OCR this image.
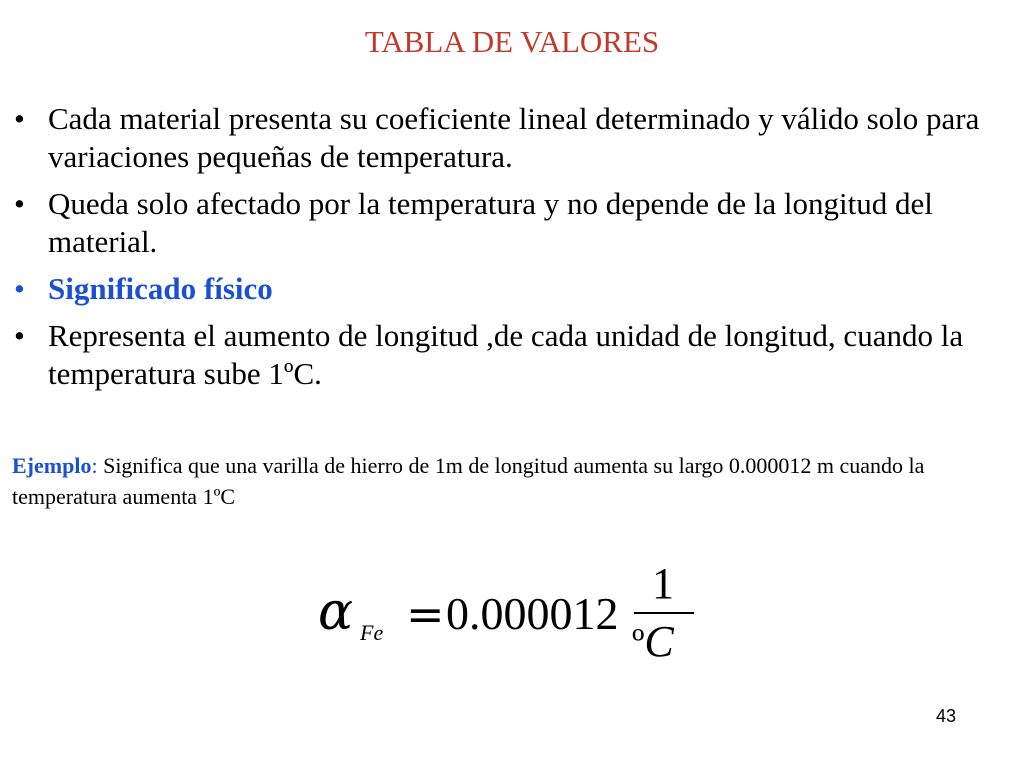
TABLA DE VALORES
• Cada material presenta su coeficiente lineal determinado y válido solo para variaciones pequeñas de temperatura.
• Queda solo afectado por la temperatura y no depende de la longitud del material.
• Significado físico
• Representa el aumento de longitud ,de cada unidad de longitud, cuando la temperatura sube 1ºC.
Ejemplo: Significa que una varilla de hierro de 1m de longitud aumenta su largo 0.000012 m cuando la temperatura aumenta 1ºC
α Fe = 0.000012
1
ºC
43
